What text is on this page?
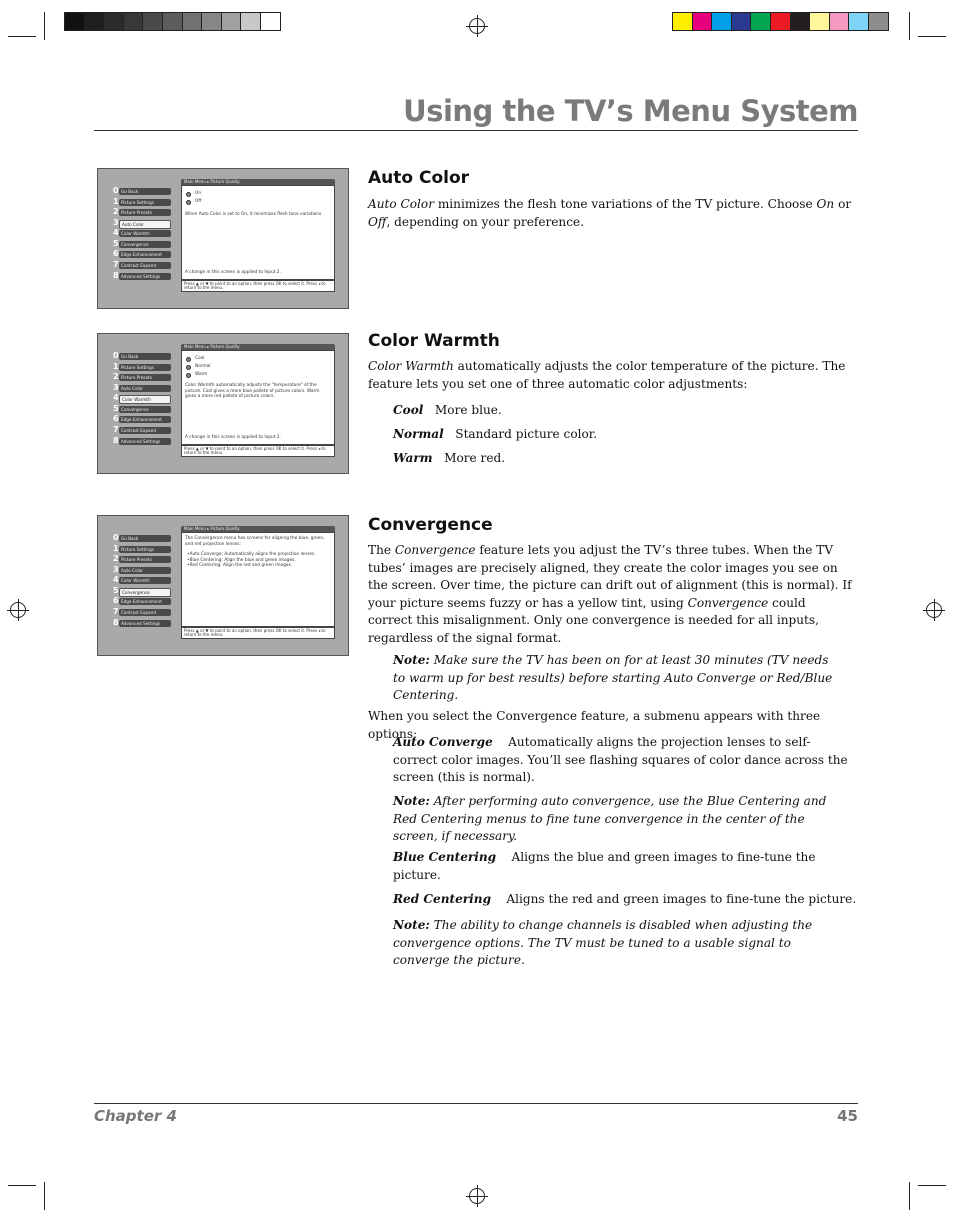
Using the TV’s Menu System
0 Go Back
1 Picture Settings
2 Picture Presets
3 Auto Color
4 Color Warmth
5 Convergence
6 Edge Enhancement
7 Contrast Expand
8 Advanced Settings
Main Menu ▸ Picture Quality
On
Off

When Auto Color is set to On, it minimizes flesh tone variations.

A change in this screen is applied to Input 2.

Press ▲ or ▼ to point to an option, then press OK to select it. Press ◂ to return to the menu.
0 Go Back
1 Picture Settings
2 Picture Presets
3 Auto Color
4 Color Warmth
5 Convergence
6 Edge Enhancement
7 Contrast Expand
8 Advanced Settings
Main Menu ▸ Picture Quality
Cool
Normal
Warm

Color Warmth automatically adjusts the "temperature" of the picture. Cool gives a more blue pallete of picture colors. Warm gives a more red pallete of picture colors.

A change in this screen is applied to Input 2.

Press ▲ or ▼ to point to an option, then press OK to select it. Press ◂ to return to the menu.
0 Go Back
1 Picture Settings
2 Picture Presets
3 Auto Color
4 Color Warmth
5 Convergence
6 Edge Enhancement
7 Contrast Expand
8 Advanced Settings
Main Menu ▸ Picture Quality

The Convergence menu has screens for aligning the blue, green, and red projection lenses:

•Auto Converge: Automatically aligns the projection lenses.

•Blue Centering: Align the blue and green images.

•Red Centering: Align the red and green images.

Press ▲ or ▼ to point to an option, then press OK to select it. Press ◂ to return to the menu.
Auto Color

Auto Color minimizes the flesh tone variations of the TV picture. Choose On or Off, depending on your preference.

Color Warmth

Color Warmth automatically adjusts the color temperature of the picture. The feature lets you set one of three automatic color adjustments:

Cool More blue.

Normal Standard picture color.

Warm More red.

Convergence

The Convergence feature lets you adjust the TV’s three tubes. When the TV tubes’ images are precisely aligned, they create the color images you see on the screen. Over time, the picture can drift out of alignment (this is normal). If your picture seems fuzzy or has a yellow tint, using Convergence could correct this misalignment. Only one convergence is needed for all inputs, regardless of the signal format.

Note: Make sure the TV has been on for at least 30 minutes (TV needs to warm up for best results) before starting Auto Converge or Red/Blue Centering.

When you select the Convergence feature, a submenu appears with three options:

Auto Converge Automatically aligns the projection lenses to self-correct color images. You’ll see flashing squares of color dance across the screen (this is normal).

Note: After performing auto convergence, use the Blue Centering and Red Centering menus to fine tune convergence in the center of the screen, if necessary.

Blue Centering Aligns the blue and green images to fine-tune the picture.

Red Centering Aligns the red and green images to fine-tune the picture.

Note: The ability to change channels is disabled when adjusting the convergence options. The TV must be tuned to a usable signal to converge the picture.

Chapter 4	45
